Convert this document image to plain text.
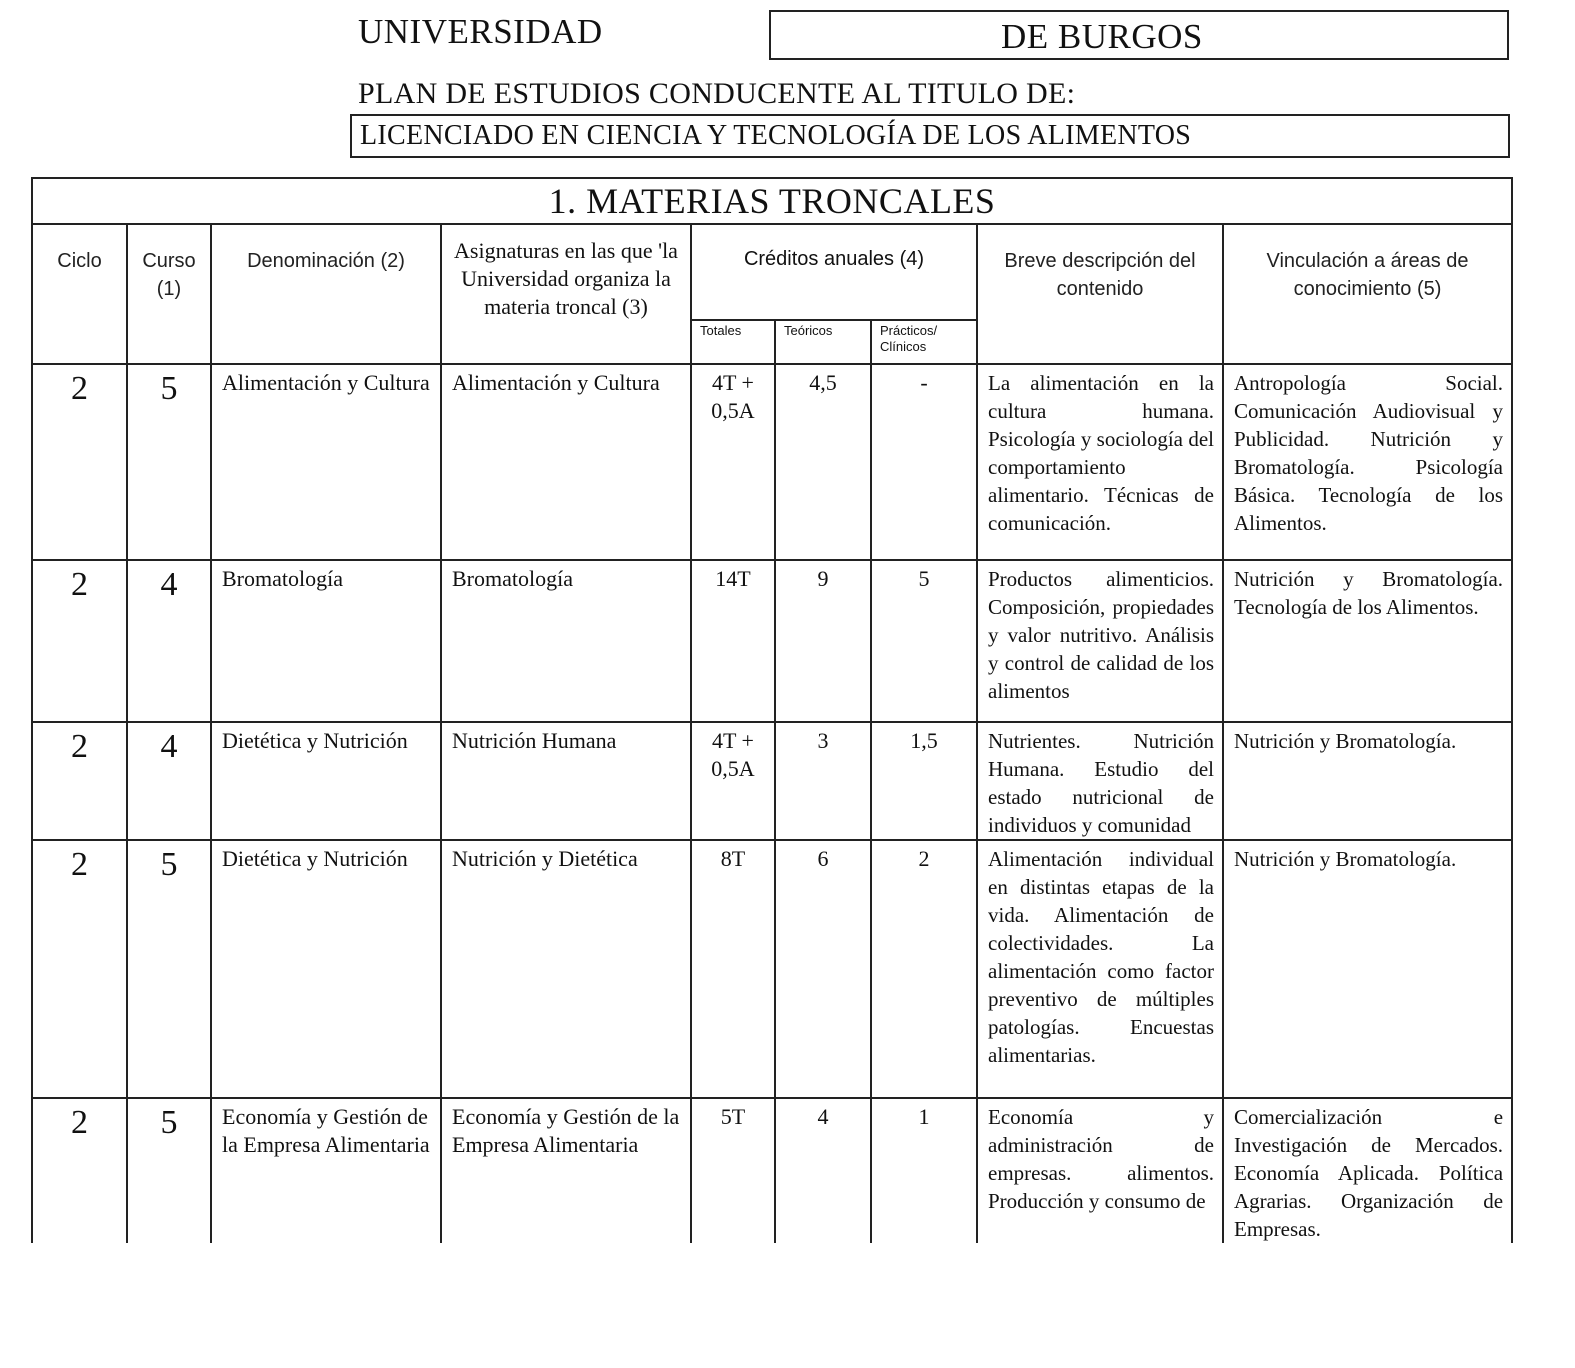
UNIVERSIDAD	DE BURGOS
PLAN DE ESTUDIOS CONDUCENTE AL TITULO DE:
LICENCIADO EN CIENCIA Y TECNOLOGÍA DE LOS ALIMENTOS
1. MATERIAS TRONCALES								
Ciclo	Curso (1)	Denominación (2)	Asignaturas en las que 'la Universidad organiza la materia troncal (3)	Créditos anuales (4)			Breve descripción del contenido	Vinculación a áreas de conocimiento (5)
				Totales	Teóricos	Prácticos/ Clínicos		
2	5	Alimentación y Cultura	Alimentación y Cultura	4T + 0,5A	4,5	-	La alimentación en la cultura humana. Psicología y sociología del comportamiento alimentario. Técnicas de comunicación.	Antropología Social. Comunicación Audiovisual y Publicidad. Nutrición y Bromatología. Psicología Básica. Tecnología de los Alimentos.
2	4	Bromatología	Bromatología	14T	9	5	Productos alimenticios. Composición, propiedades y valor nutritivo. Análisis y control de calidad de los alimentos	Nutrición y Bromatología. Tecnología de los Alimentos.
2	4	Dietética y Nutrición	Nutrición Humana	4T + 0,5A	3	1,5	Nutrientes. Nutrición Humana. Estudio del estado nutricional de individuos y comunidad	Nutrición y Bromatología.
2	5	Dietética y Nutrición	Nutrición y Dietética	8T	6	2	Alimentación individual en distintas etapas de la vida. Alimentación de colectividades. La alimentación como factor preventivo de múltiples patologías. Encuestas alimentarias.	Nutrición y Bromatología.
2	5	Economía y Gestión de la Empresa Alimentaria	Economía y Gestión de la Empresa Alimentaria	5T	4	1	Economía y administración de empresas. alimentos. Producción y consumo de	Comercialización e Investigación de Mercados. Economía Aplicada. Política Agrarias. Organización de Empresas.
